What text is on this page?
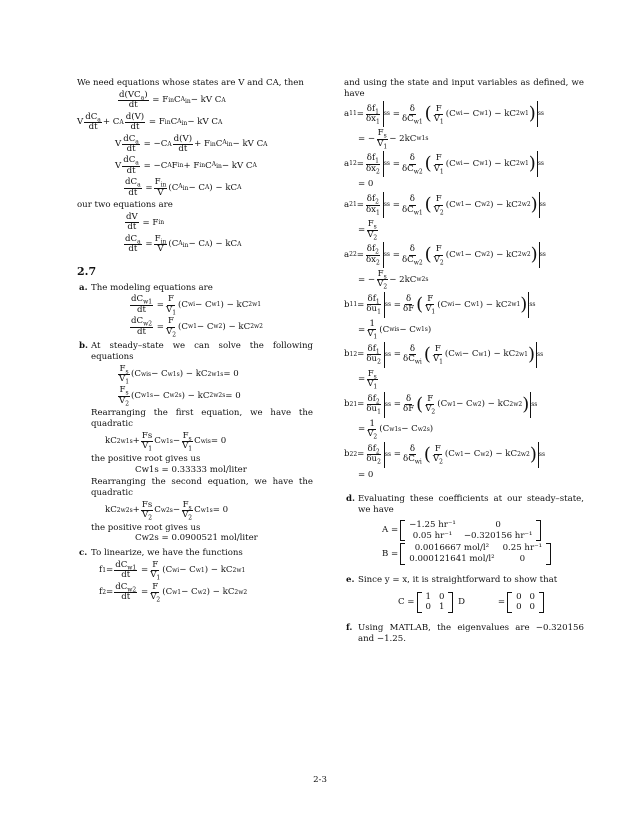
We need equations whose states are V and CA, then

$\frac{d(VC_a)}{dt} = F$ in C $A_{in}$ − kV C A
V $\frac{dC_a}{dt} + C$ A $\frac{d(V)}{dt} = F$ in C $A_{in}$ − kV C A
V $\frac{dC_a}{dt} = -C$ A $\frac{d(V)}{dt} + F$ in C $A_{in}$ − kV C A
V $\frac{dC_a}{dt} = -C$ A F in + F in C $A_{in}$ − kV C A
$\frac{dC_a}{dt} = \frac{F_{in}}{V} (C$ $A_{in} - C$ A ) − kC A

our two equations are

$\frac{dV}{dt} = F$ in
$\frac{dC_a}{dt} = \frac{F_{in}}{V} (C$ $A_{in} - C$ A ) − kC A
2.7
a. The modeling equations are

$\frac{dC_{w1}}{dt} = \frac{F}{V_1} (C$ wi − C w1 ) − kC 2 w1
$\frac{dC_{w2}}{dt} = \frac{F}{V_2} (C$ w1 − C w2 ) − kC 2 w2
b. At steady–state we can solve the following equations

$\frac{F_s}{V_1} (C$ wis − C w1s ) − kC 2 w1s = 0
$\frac{F_s}{V_2} (C$ w1s − C w2s ) − kC 2 w2s = 0

Rearranging the first equation, we have the quadratic

kC 2 $w1s + \frac{Fs}{V_1}$ C $w1s - \frac{F_s}{V_1}$ C wis = 0

the positive root gives us

Cw1s = 0.33333 mol/liter

Rearranging the second equation, we have the quadratic

kC 2 $w2s + \frac{Fs}{V_2}$ C $w2s - \frac{F_s}{V_2}$ C w1s = 0

the positive root gives us

Cw2s = 0.0900521 mol/liter

c. To linearize, we have the functions

f $1 = \frac{dC_{w1}}{dt} = \frac{F}{V_1} (C$ wi − C w1 ) − kC 2 w1
f $2 = \frac{dC_{w2}}{dt} = \frac{F}{V_2} (C$ w1 − C w2 ) − kC 2 w2

and using the state and input variables as defined, we have

a $11 = \frac{\delta f_1}{\delta x_1}$ ss = $\frac{\delta}{\delta C_{w1}}$ ( $\frac{F}{V_1} (C$ wi − C w1 ) − kC 2 w1 ) ss
= − $\frac{F_s}{V_1} - 2kC$ w1s
a $12 = \frac{\delta f_1}{\delta x_2}$ ss = $\frac{\delta}{\delta C_{w2}}$ ( $\frac{F}{V_1} (C$ wi − C w1 ) − kC 2 w1 ) ss
= 0
a $21 = \frac{\delta f_2}{\delta x_1}$ ss = $\frac{\delta}{\delta C_{w1}}$ ( $\frac{F}{V_2} (C$ w1 − C w2 ) − kC 2 w2 ) ss
= $\frac{F_s}{V_2}$
a $22 = \frac{\delta f_2}{\delta x_2}$ ss = $\frac{\delta}{\delta C_{w2}}$ ( $\frac{F}{V_2} (C$ w1 − C w2 ) − kC 2 w2 ) ss
= − $\frac{F_s}{V_2} - 2kC$ w2s
b $11 = \frac{\delta f_1}{\delta u_1}$ ss = $\frac{\delta}{\delta F}$ ( $\frac{F}{V_1} (C$ wi − C w1 ) − kC 2 w1 ) ss
= $\frac{1}{V_1} (C$ wis − C w1s )
b $12 = \frac{\delta f_1}{\delta u_2}$ ss = $\frac{\delta}{\delta C_{wi}}$ ( $\frac{F}{V_1} (C$ wi − C w1 ) − kC 2 w1 ) ss
= $\frac{F_s}{V_1}$
b $21 = \frac{\delta f_2}{\delta u_1}$ ss = $\frac{\delta}{\delta F}$ ( $\frac{F}{V_2} (C$ w1 − C w2 ) − kC 2 w2 ) ss
= $\frac{1}{V_2} (C$ w1s − C w2s )
b $22 = \frac{\delta f_2}{\delta u_2}$ ss = $\frac{\delta}{\delta C_{wi}}$ ( $\frac{F}{V_2} (C$ w1 − C w2 ) − kC 2 w2 ) ss
= 0
d. Evaluating these coefficients at our steady–state, we have

A =
−1.25 hr⁻¹	0
0.05 hr⁻¹	−0.320156 hr⁻¹
B =
0.0016667 mol/l²	0.25 hr⁻¹
0.000121641 mol/l²	0
e. Since y = x, it is straightforward to show that

C =
1	0
0	1
D            =
0	0
0	0
f. Using MATLAB, the eigenvalues are −0.320156 and −1.25.

2-3
